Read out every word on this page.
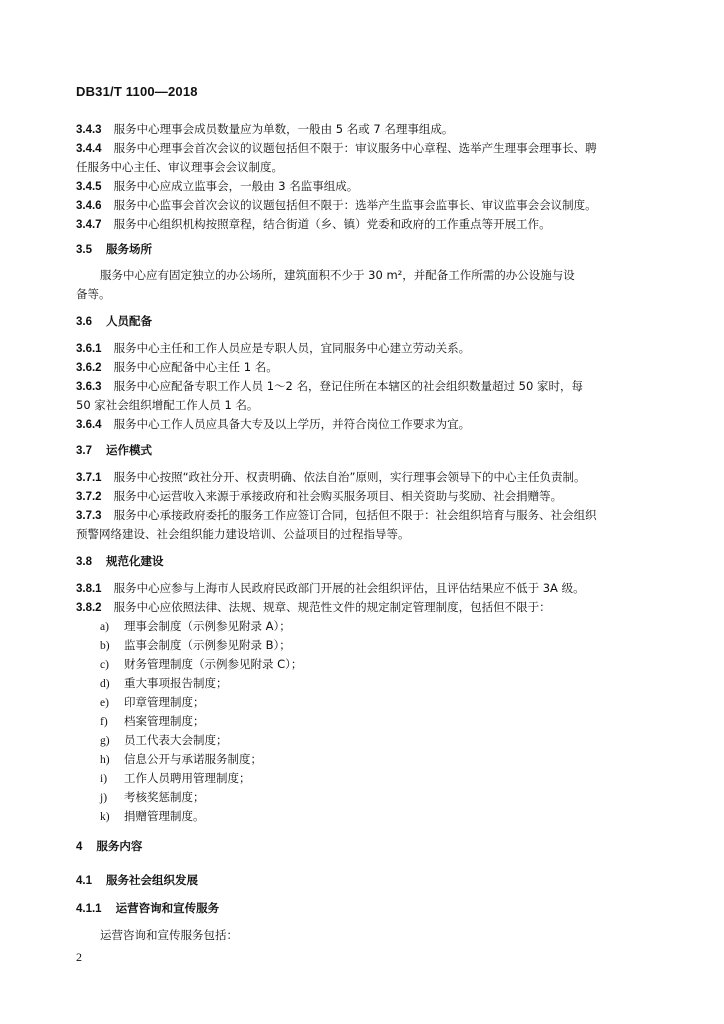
DB31/T 1100—2018
3.4.3 服务中心理事会成员数量应为单数，一般由 5 名或 7 名理事组成。
3.4.4 服务中心理事会首次会议的议题包括但不限于：审议服务中心章程、选举产生理事会理事长、聘
任服务中心主任、审议理事会会议制度。
3.4.5 服务中心应成立监事会，一般由 3 名监事组成。
3.4.6 服务中心监事会首次会议的议题包括但不限于：选举产生监事会监事长、审议监事会会议制度。
3.4.7 服务中心组织机构按照章程，结合街道（乡、镇）党委和政府的工作重点等开展工作。
3.5 服务场所
服务中心应有固定独立的办公场所，建筑面积不少于 30 m²，并配备工作所需的办公设施与设
备等。
3.6 人员配备
3.6.1 服务中心主任和工作人员应是专职人员，宜同服务中心建立劳动关系。
3.6.2 服务中心应配备中心主任 1 名。
3.6.3 服务中心应配备专职工作人员 1～2 名，登记住所在本辖区的社会组织数量超过 50 家时，每
50 家社会组织增配工作人员 1 名。
3.6.4 服务中心工作人员应具备大专及以上学历，并符合岗位工作要求为宜。
3.7 运作模式
3.7.1 服务中心按照“政社分开、权责明确、依法自治”原则，实行理事会领导下的中心主任负责制。
3.7.2 服务中心运营收入来源于承接政府和社会购买服务项目、相关资助与奖励、社会捐赠等。
3.7.3 服务中心承接政府委托的服务工作应签订合同，包括但不限于：社会组织培育与服务、社会组织
预警网络建设、社会组织能力建设培训、公益项目的过程指导等。
3.8 规范化建设
3.8.1 服务中心应参与上海市人民政府民政部门开展的社会组织评估，且评估结果应不低于 3A 级。
3.8.2 服务中心应依照法律、法规、规章、规范性文件的规定制定管理制度，包括但不限于：
a) 理事会制度（示例参见附录 A）；
b) 监事会制度（示例参见附录 B）；
c) 财务管理制度（示例参见附录 C）；
d) 重大事项报告制度；
e) 印章管理制度；
f) 档案管理制度；
g) 员工代表大会制度；
h) 信息公开与承诺服务制度；
i) 工作人员聘用管理制度；
j) 考核奖惩制度；
k) 捐赠管理制度。
4 服务内容
4.1 服务社会组织发展
4.1.1 运营咨询和宣传服务
运营咨询和宣传服务包括：
2
